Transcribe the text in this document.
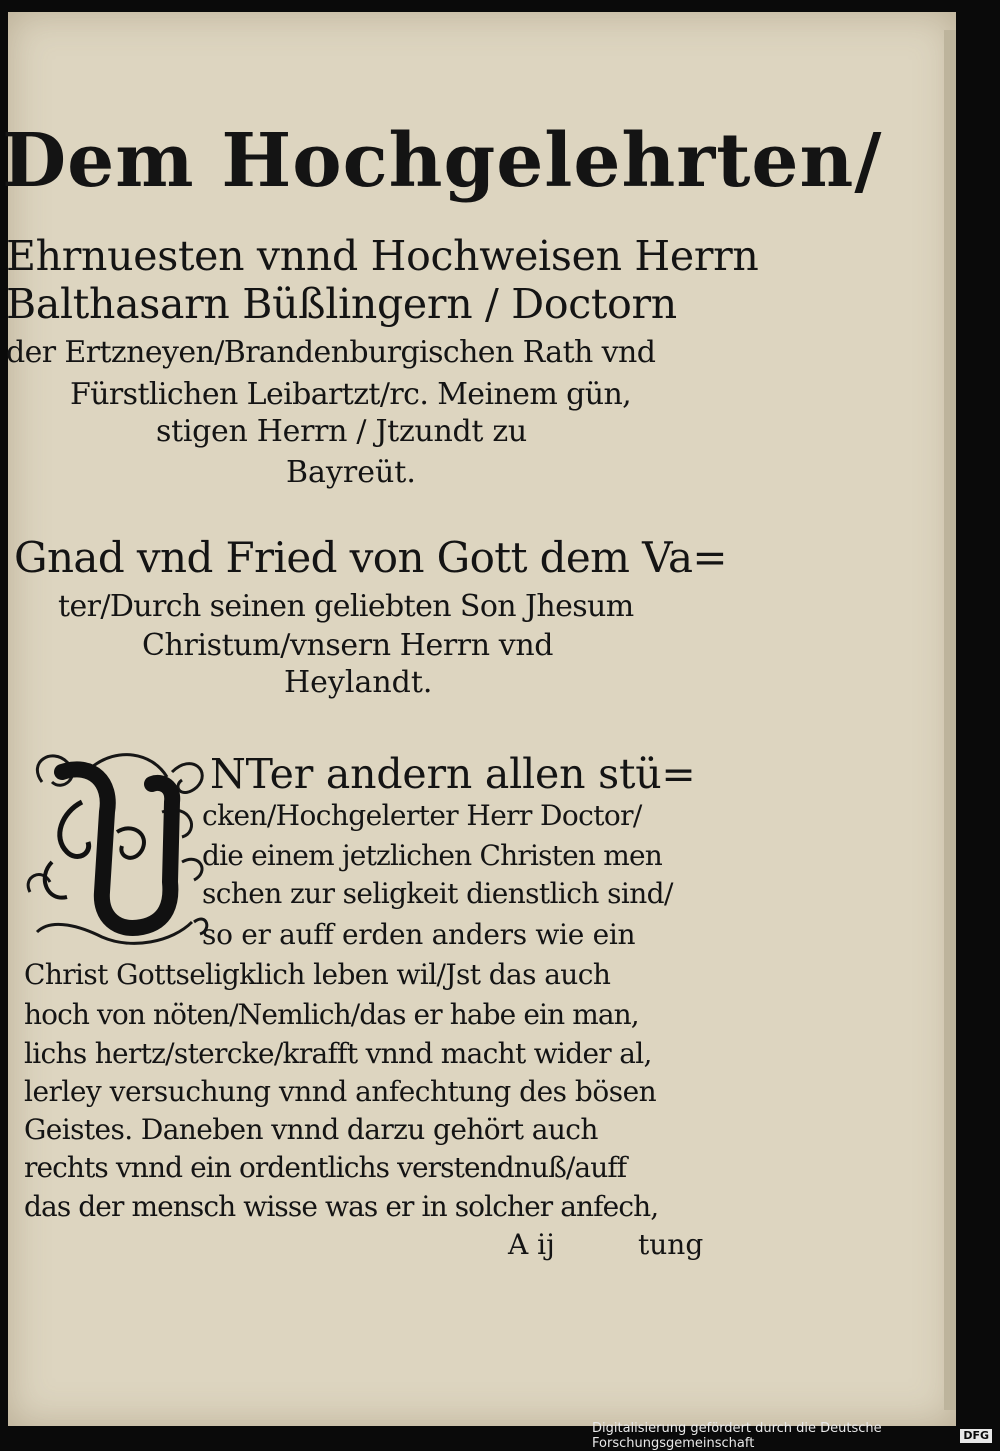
Dem Hochgelehrten/
Ehrnuesten vnnd Hochweisen Herrn
Balthasarn Büßlingern / Doctorn
der Ertzneyen/Brandenburgischen Rath vnd
Fürstlichen Leibartzt/rc. Meinem gün,
stigen Herrn / Jtzundt zu
Bayreüt.
Gnad vnd Fried von Gott dem Va=
ter/Durch seinen geliebten Son Jhesum
Christum/vnsern Herrn vnd
Heylandt.
NTer andern allen stü=
cken/Hochgelerter Herr Doctor/
die einem jetzlichen Christen men
schen zur seligkeit dienstlich sind/
so er auff erden anders wie ein
Christ Gottseligklich leben wil/Jst das auch
hoch von nöten/Nemlich/das er habe ein man,
lichs hertz/stercke/krafft vnnd macht wider al,
lerley versuchung vnnd anfechtung des bösen
Geistes. Daneben vnnd darzu gehört auch
rechts vnnd ein ordentlichs verstendnuß/auff
das der mensch wisse was er in solcher anfech,
A ij	tung
Digitalisierung gefördert durch die Deutsche Forschungsgemeinschaft
DFG
